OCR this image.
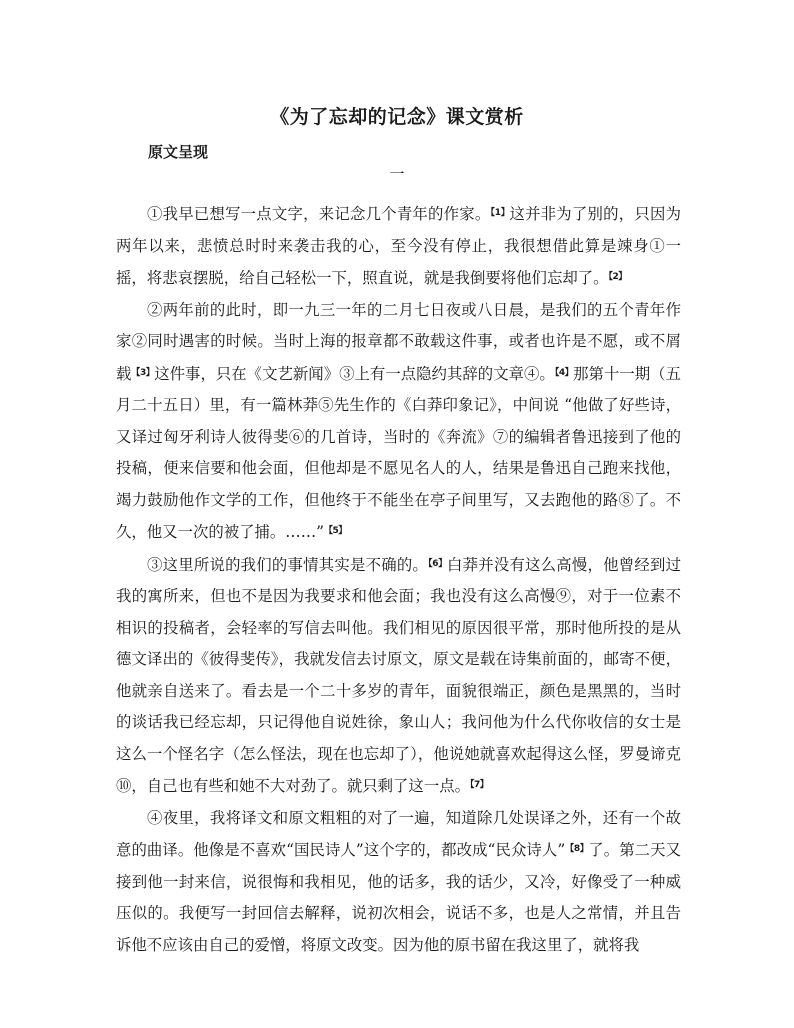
《为了忘却的记念》课文赏析
原文呈现
一

①我早已想写一点文字，来记念几个青年的作家。$^{【1】}$这并非为了别的，只因为两年以来，悲愤总时时来袭击我的心，至今没有停止，我很想借此算是竦身①一摇，将悲哀摆脱，给自己轻松一下，照直说，就是我倒要将他们忘却了。$^{【2】}$

②两年前的此时，即一九三一年的二月七日夜或八日晨，是我们的五个青年作家②同时遇害的时候。当时上海的报章都不敢载这件事，或者也许是不愿，或不屑载$^{【3】}$这件事，只在《文艺新闻》③上有一点隐约其辞的文章④。$^{【4】}$那第十一期（五月二十五日）里，有一篇林莽⑤先生作的《白莽印象记》，中间说 “他做了好些诗，又译过匈牙利诗人彼得斐⑥的几首诗，当时的《奔流》⑦的编辑者鲁迅接到了他的投稿，便来信要和他会面，但他却是不愿见名人的人，结果是鲁迅自己跑来找他，竭力鼓励他作文学的工作，但他终于不能坐在亭子间里写，又去跑他的路⑧了。不久，他又一次的被了捕。……”$^{【5】}$

③这里所说的我们的事情其实是不确的。$^{【6】}$白莽并没有这么高慢，他曾经到过我的寓所来，但也不是因为我要求和他会面；我也没有这么高慢⑨，对于一位素不相识的投稿者，会轻率的写信去叫他。我们相见的原因很平常，那时他所投的是从德文译出的《彼得斐传》，我就发信去讨原文，原文是载在诗集前面的，邮寄不便，他就亲自送来了。看去是一个二十多岁的青年，面貌很端正，颜色是黑黑的，当时的谈话我已经忘却，只记得他自说姓徐，象山人；我问他为什么代你收信的女士是这么一个怪名字（怎么怪法，现在也忘却了），他说她就喜欢起得这么怪，罗曼谛克⑩，自己也有些和她不大对劲了。就只剩了这一点。$^{【7】}$

④夜里，我将译文和原文粗粗的对了一遍，知道除几处误译之外，还有一个故意的曲译。他像是不喜欢“国民诗人”这个字的，都改成“民众诗人”$^{【8】}$了。第二天又接到他一封来信，说很悔和我相见，他的话多，我的话少，又冷，好像受了一种威压似的。我便写一封回信去解释，说初次相会，说话不多，也是人之常情，并且告诉他不应该由自己的爱憎，将原文改变。因为他的原书留在我这里了，就将我
